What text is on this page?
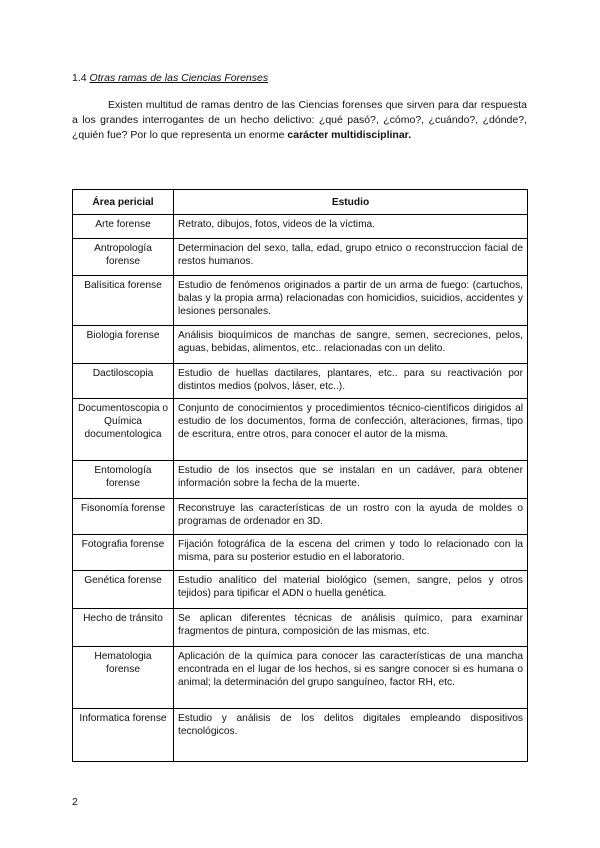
1.4 Otras ramas de las Ciencias Forenses
Existen multitud de ramas dentro de las Ciencias forenses que sirven para dar respuesta a los grandes interrogantes de un hecho delictivo: ¿qué pasó?, ¿cómo?, ¿cuándo?, ¿dónde?, ¿quién fue? Por lo que representa un enorme carácter multidisciplinar.
Área pericial	Estudio
Arte forense	Retrato, dibujos, fotos, videos de la víctima.
Antropología forense	Determinacion del sexo, talla, edad, grupo etnico o reconstruccion facial de restos humanos.
Balísitica forense	Estudio de fenómenos originados a partir de un arma de fuego: (cartuchos, balas y la propia arma) relacionadas con homicidios, suicidios, accidentes y lesiones personales.
Biologia forense	Análisis bioquímicos de manchas de sangre, semen, secreciones, pelos, aguas, bebidas, alimentos, etc.. relacionadas con un delito.
Dactiloscopia	Estudio de huellas dactilares, plantares, etc.. para su reactivación por distintos medios (polvos, láser, etc..).
Documentoscopia o Química documentologica	Conjunto de conocimientos y procedimientos técnico-científicos dirigidos al estudio de los documentos, forma de confección, alteraciones, firmas, tipo de escritura, entre otros, para conocer el autor de la misma.
Entomología forense	Estudio de los insectos que se instalan en un cadáver, para obtener información sobre la fecha de la muerte.
Fisonomía forense	Reconstruye las características de un rostro con la ayuda de moldes o programas de ordenador en 3D.
Fotografia forense	Fijación fotográfica de la escena del crimen y todo lo relacionado con la misma, para su posterior estudio en el laboratorio.
Genética forense	Estudio analítico del material biológico (semen, sangre, pelos y otros tejidos) para tipificar el ADN o huella genética.
Hecho de tránsito	Se aplican diferentes técnicas de análisis químico, para examinar fragmentos de pintura, composición de las mismas, etc.
Hematologia forense	Aplicación de la química para conocer las características de una mancha encontrada en el lugar de los hechos, si es sangre conocer si es humana o animal; la determinación del grupo sanguíneo, factor RH, etc.
Informatica forense	Estudio y análisis de los delitos digitales empleando dispositivos tecnológicos.
2
